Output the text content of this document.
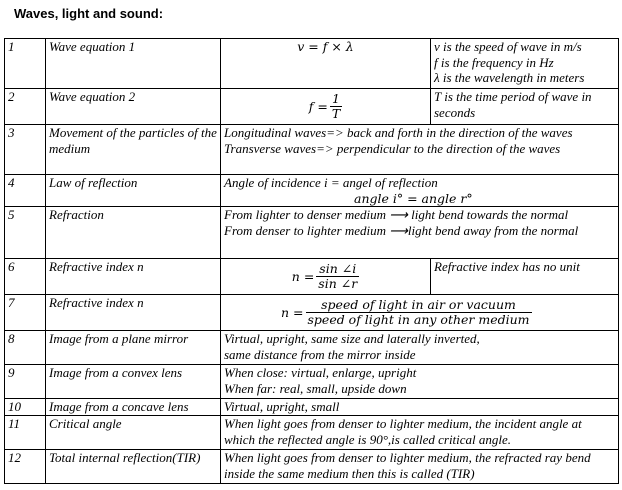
Waves, light and sound:
1	Wave equation 1	v = f × λ	v is the speed of wave in m/s
f is the frequency in Hz
λ is the wavelength in meters

2	Wave equation 2	$f = \frac{1}{T}$	T is the time period of wave in seconds
3	Movement of the particles of the medium	Longitudinal waves=> back and forth in the direction of the waves
Transverse waves=> perpendicular to the direction of the waves	

4	Law of reflection	Angle of incidence i = angel of reflection
angle i° = angle r°	

5	Refraction	From lighter to denser medium ⟶ light bend towards the normal
From denser to lighter medium ⟶light bend away from the normal	

6	Refractive index n	$n = \frac{\sin \angle i}{\sin \angle r}$	Refractive index has no unit
7	Refractive index n	$n = \frac{\text{speed of light in air or vacuum}}{\text{speed of light in any other medium}}$

8	Image from a plane mirror	Virtual, upright, same size and laterally inverted,
same distance from the mirror inside	

9	Image from a convex lens	When close: virtual, enlarge, upright
When far: real, small, upside down	

10	Image from a concave lens	Virtual, upright, small	
11	Critical angle	When light goes from denser to lighter medium, the incident angle at which the reflected angle is 90°,is called critical angle.	
12	Total internal reflection(TIR)	When light goes from denser to lighter medium, the refracted ray bend inside the same medium then this is called (TIR)	
